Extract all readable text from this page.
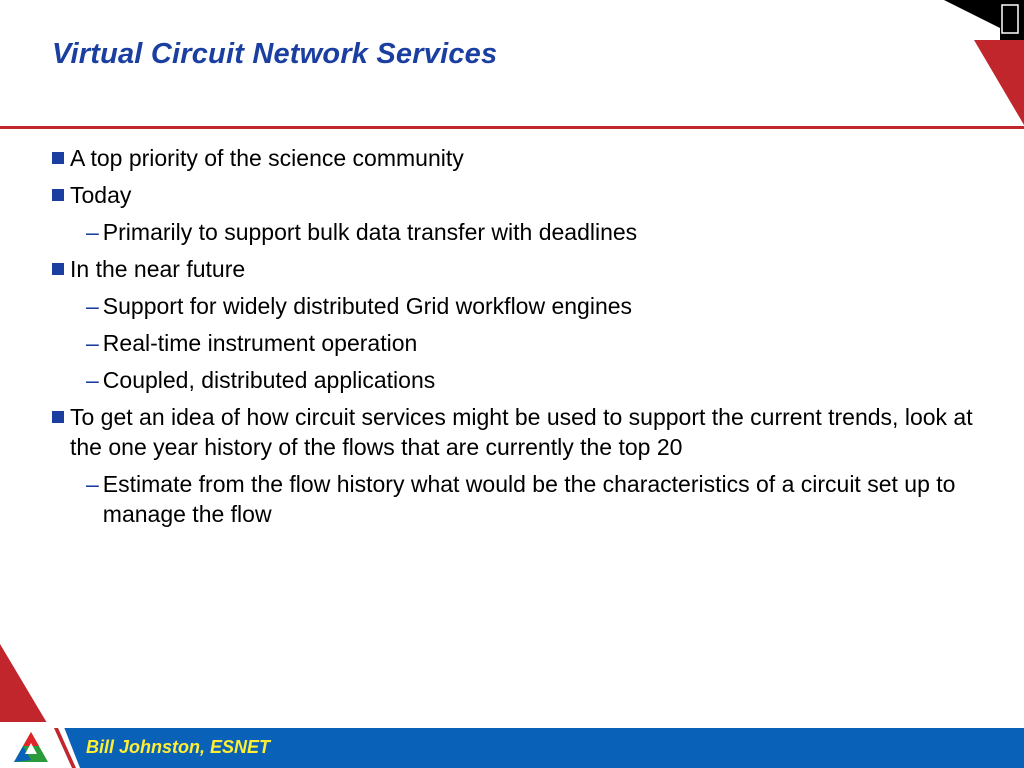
Virtual Circuit Network Services
A top priority of the science community
Today
– Primarily to support bulk data transfer with deadlines
In the near future
– Support for widely distributed Grid workflow engines
– Real-time instrument operation
– Coupled, distributed applications
To get an idea of how circuit services might be used to support the current trends, look at the one year history of the flows that are currently the top 20
– Estimate from the flow history what would be the characteristics of a circuit set up to manage the flow
Bill Johnston, ESNET
